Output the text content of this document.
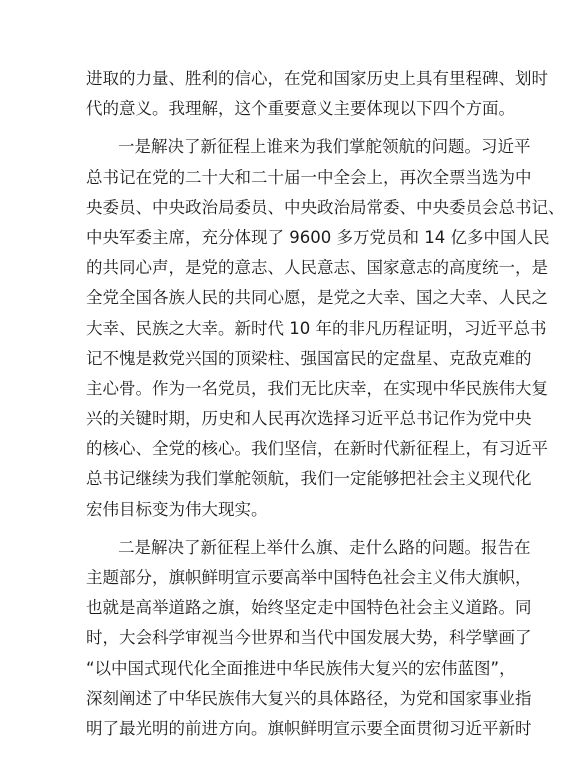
进取的力量、胜利的信心，在党和国家历史上具有里程碑、划时
代的意义。我理解，这个重要意义主要体现以下四个方面。
一是解决了新征程上谁来为我们掌舵领航的问题。习近平
总书记在党的二十大和二十届一中全会上，再次全票当选为中
央委员、中央政治局委员、中央政治局常委、中央委员会总书记、
中央军委主席，充分体现了 9600 多万党员和 14 亿多中国人民
的共同心声，是党的意志、人民意志、国家意志的高度统一，是
全党全国各族人民的共同心愿，是党之大幸、国之大幸、人民之
大幸、民族之大幸。新时代 10 年的非凡历程证明，习近平总书
记不愧是救党兴国的顶梁柱、强国富民的定盘星、克敌克难的
主心骨。作为一名党员，我们无比庆幸，在实现中华民族伟大复
兴的关键时期，历史和人民再次选择习近平总书记作为党中央
的核心、全党的核心。我们坚信，在新时代新征程上，有习近平
总书记继续为我们掌舵领航，我们一定能够把社会主义现代化
宏伟目标变为伟大现实。
二是解决了新征程上举什么旗、走什么路的问题。报告在
主题部分，旗帜鲜明宣示要高举中国特色社会主义伟大旗帜，
也就是高举道路之旗，始终坚定走中国特色社会主义道路。同
时，大会科学审视当今世界和当代中国发展大势，科学擘画了
“以中国式现代化全面推进中华民族伟大复兴的宏伟蓝图”，
深刻阐述了中华民族伟大复兴的具体路径，为党和国家事业指
明了最光明的前进方向。旗帜鲜明宣示要全面贯彻习近平新时
